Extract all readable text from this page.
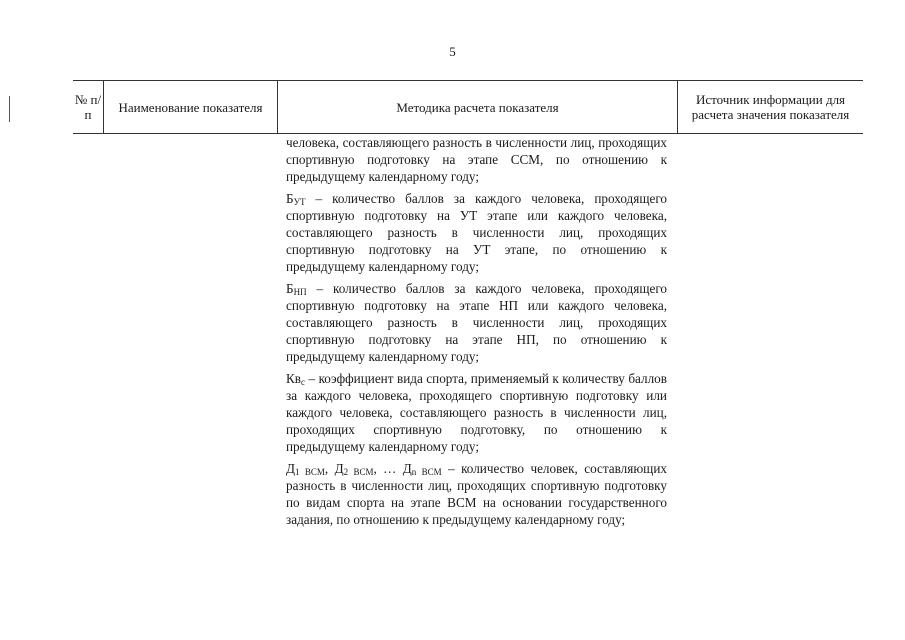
5
№ п/п	Наименование показателя	Методика расчета показателя	Источник информации для расчета значения показателя

человека, составляющего разность в численности лиц, проходящих спортивную подготовку на этапе ССМ, по отношению к предыдущему календарному году;

$Б_{УТ}$ – количество баллов за каждого человека, проходящего спортивную подготовку на УТ этапе или каждого человека, составляющего разность в численности лиц, проходящих спортивную подготовку на УТ этапе, по отношению к предыдущему календарному году;

$Б_{НП}$ – количество баллов за каждого человека, проходящего спортивную подготовку на этапе НП или каждого человека, составляющего разность в численности лиц, проходящих спортивную подготовку на этапе НП, по отношению к предыдущему календарному году;

$Кв_с$ – коэффициент вида спорта, применяемый к количеству баллов за каждого человека, проходящего спортивную подготовку или каждого человека, составляющего разность в численности лиц, проходящих спортивную подготовку, по отношению к предыдущему календарному году;

$Д_{1 ВСМ}$, $Д_{2 ВСМ}$, … $Д_{n ВСМ}$ – количество человек, составляющих разность в численности лиц, проходящих спортивную подготовку по видам спорта на этапе ВСМ на основании государственного задания, по отношению к предыдущему календарному году;
